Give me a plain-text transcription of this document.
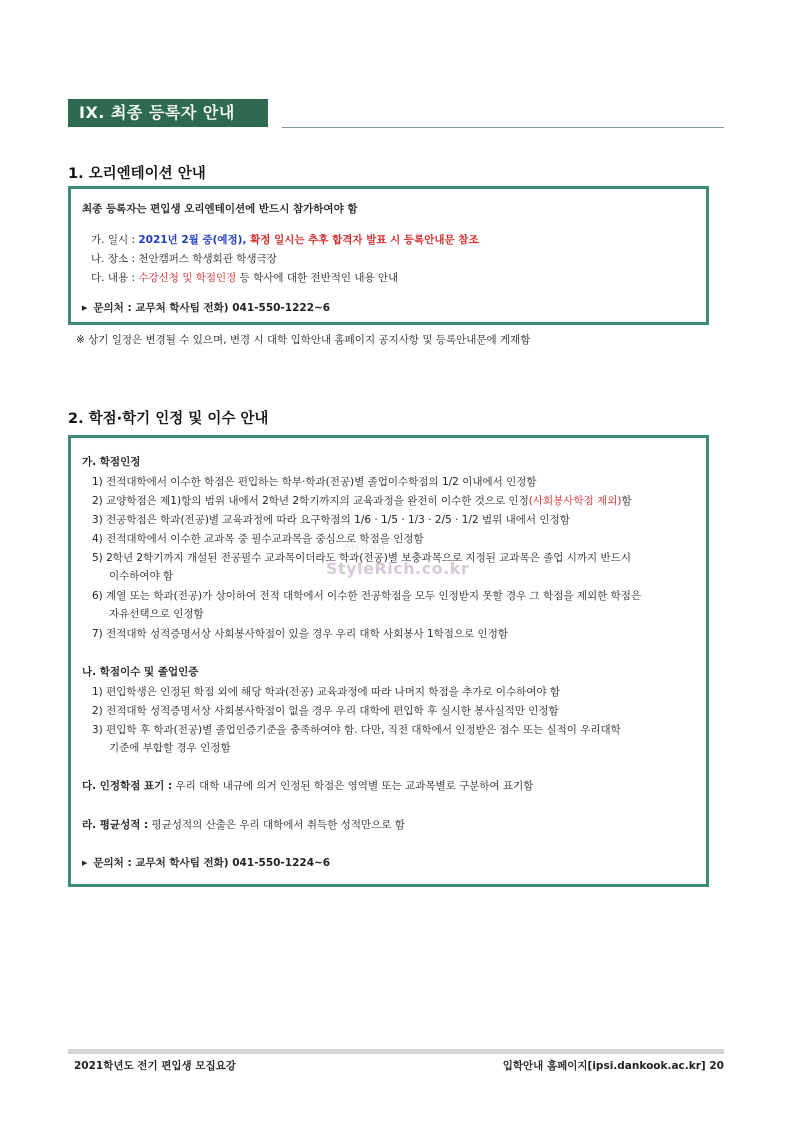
IX. 최종 등록자 안내
1. 오리엔테이션 안내
최종 등록자는 편입생 오리엔테이션에 반드시 참가하여야 함
가. 일시 : 2021년 2월 중(예정), 확정 일시는 추후 합격자 발표 시 등록안내문 참조
나. 장소 : 천안캠퍼스 학생회관 학생극장
다. 내용 : 수강신청 및 학점인정 등 학사에 대한 전반적인 내용 안내
▶ 문의처 : 교무처 학사팀 전화) 041-550-1222~6
※ 상기 일정은 변경될 수 있으며, 변경 시 대학 입학안내 홈페이지 공지사항 및 등록안내문에 게재함
2. 학점·학기 인정 및 이수 안내
가. 학점인정
1) 전적대학에서 이수한 학점은 편입하는 학부·학과(전공)별 졸업이수학점의 1/2 이내에서 인정함
2) 교양학점은 제1)항의 범위 내에서 2학년 2학기까지의 교육과정을 완전히 이수한 것으로 인정(사회봉사학점 제외)함
3) 전공학점은 학과(전공)별 교육과정에 따라 요구학점의 1/6 · 1/5 · 1/3 · 2/5 · 1/2 범위 내에서 인정함
4) 전적대학에서 이수한 교과목 중 필수교과목을 중심으로 학점을 인정함
5) 2학년 2학기까지 개설된 전공필수 교과목이더라도 학과(전공)별 보충과목으로 지정된 교과목은 졸업 시까지 반드시
이수하여야 함
6) 계열 또는 학과(전공)가 상이하여 전적 대학에서 이수한 전공학점을 모두 인정받지 못할 경우 그 학점을 제외한 학점은
자유선택으로 인정함
7) 전적대학 성적증명서상 사회봉사학점이 있을 경우 우리 대학 사회봉사 1학점으로 인정함
나. 학점이수 및 졸업인증
1) 편입학생은 인정된 학점 외에 해당 학과(전공) 교육과정에 따라 나머지 학점을 추가로 이수하여야 함
2) 전적대학 성적증명서상 사회봉사학점이 없을 경우 우리 대학에 편입학 후 실시한 봉사실적만 인정함
3) 편입학 후 학과(전공)별 졸업인증기준을 충족하여야 함. 다만, 직전 대학에서 인정받은 점수 또는 실적이 우리대학
기준에 부합할 경우 인정함
다. 인정학점 표기 : 우리 대학 내규에 의거 인정된 학점은 영역별 또는 교과목별로 구분하여 표기함
라. 평균성적 : 평균성적의 산출은 우리 대학에서 취득한 성적만으로 함
▶ 문의처 : 교무처 학사팀 전화) 041-550-1224~6
스타일리치
StyleRich.co.kr
2021학년도 전기 편입생 모집요강	입학안내 홈페이지[ipsi.dankook.ac.kr] 20
